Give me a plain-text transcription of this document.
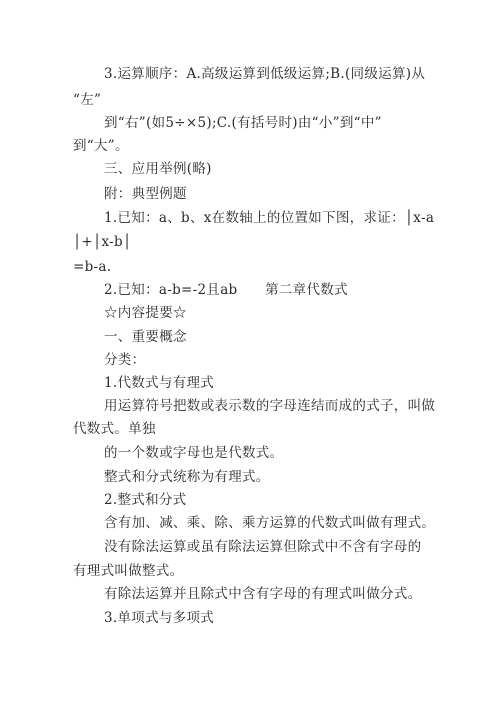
3.运算顺序：A.高级运算到低级运算;B.(同级运算)从
“左”
到“右”(如5÷×5);C.(有括号时)由“小”到“中”
到“大”。
三、应用举例(略)
附：典型例题
1.已知：a、b、x在数轴上的位置如下图，求证：│x-a
│+│x-b│
=b-a.
2.已知：a-b=-2且ab　　第二章代数式
☆内容提要☆
一、重要概念
分类：
1.代数式与有理式
用运算符号把数或表示数的字母连结而成的式子，叫做
代数式。单独
的一个数或字母也是代数式。
整式和分式统称为有理式。
2.整式和分式
含有加、减、乘、除、乘方运算的代数式叫做有理式。
没有除法运算或虽有除法运算但除式中不含有字母的
有理式叫做整式。
有除法运算并且除式中含有字母的有理式叫做分式。
3.单项式与多项式
